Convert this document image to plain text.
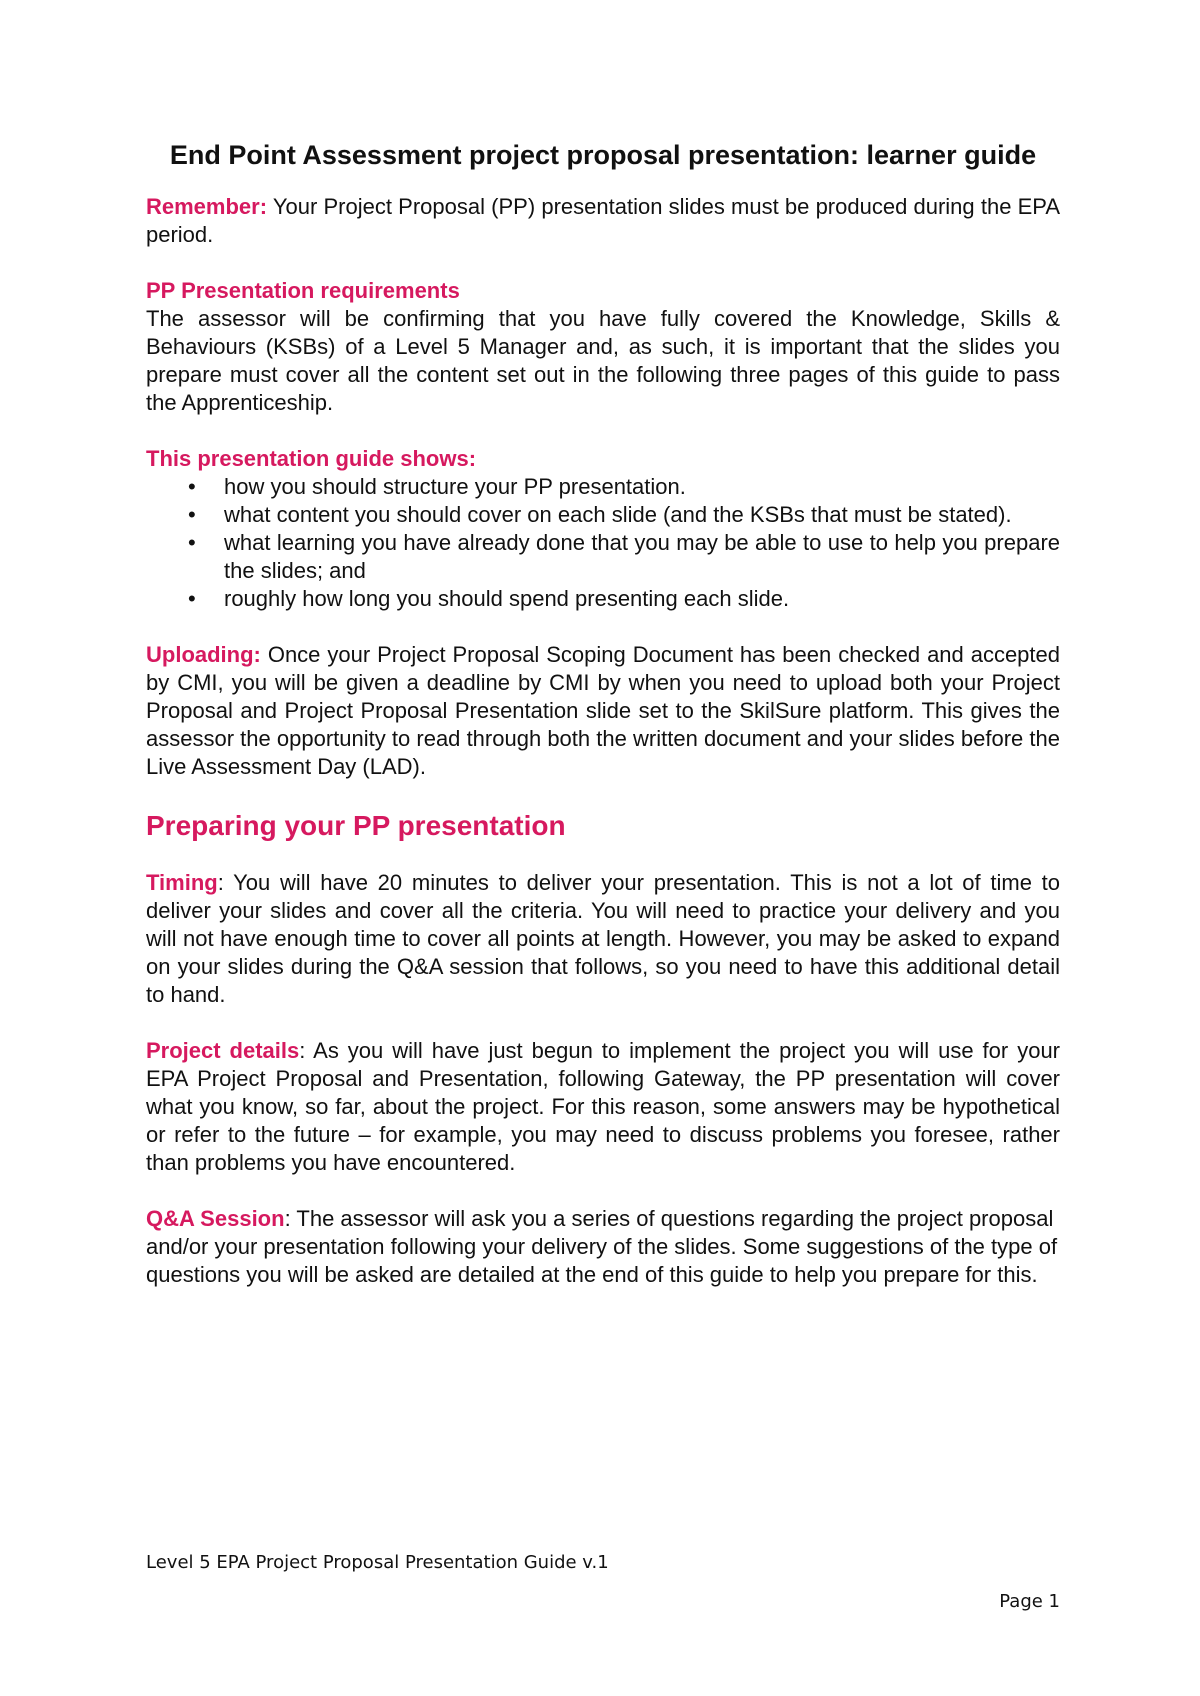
End Point Assessment project proposal presentation: learner guide

Remember: Your Project Proposal (PP) presentation slides must be produced during the EPA period.

PP Presentation requirements

The assessor will be confirming that you have fully covered the Knowledge, Skills & Behaviours (KSBs) of a Level 5 Manager and, as such, it is important that the slides you prepare must cover all the content set out in the following three pages of this guide to pass the Apprenticeship.

This presentation guide shows:
• how you should structure your PP presentation.
• what content you should cover on each slide (and the KSBs that must be stated).
• what learning you have already done that you may be able to use to help you prepare the slides; and
• roughly how long you should spend presenting each slide.

Uploading: Once your Project Proposal Scoping Document has been checked and accepted by CMI, you will be given a deadline by CMI by when you need to upload both your Project Proposal and Project Proposal Presentation slide set to the SkilSure platform. This gives the assessor the opportunity to read through both the written document and your slides before the Live Assessment Day (LAD).

Preparing your PP presentation

Timing: You will have 20 minutes to deliver your presentation. This is not a lot of time to deliver your slides and cover all the criteria. You will need to practice your delivery and you will not have enough time to cover all points at length. However, you may be asked to expand on your slides during the Q&A session that follows, so you need to have this additional detail to hand.

Project details: As you will have just begun to implement the project you will use for your EPA Project Proposal and Presentation, following Gateway, the PP presentation will cover what you know, so far, about the project. For this reason, some answers may be hypothetical or refer to the future – for example, you may need to discuss problems you foresee, rather than problems you have encountered.

Q&A Session: The assessor will ask you a series of questions regarding the project proposal and/or your presentation following your delivery of the slides. Some suggestions of the type of questions you will be asked are detailed at the end of this guide to help you prepare for this.

Level 5 EPA Project Proposal Presentation Guide v.1
Page 1
